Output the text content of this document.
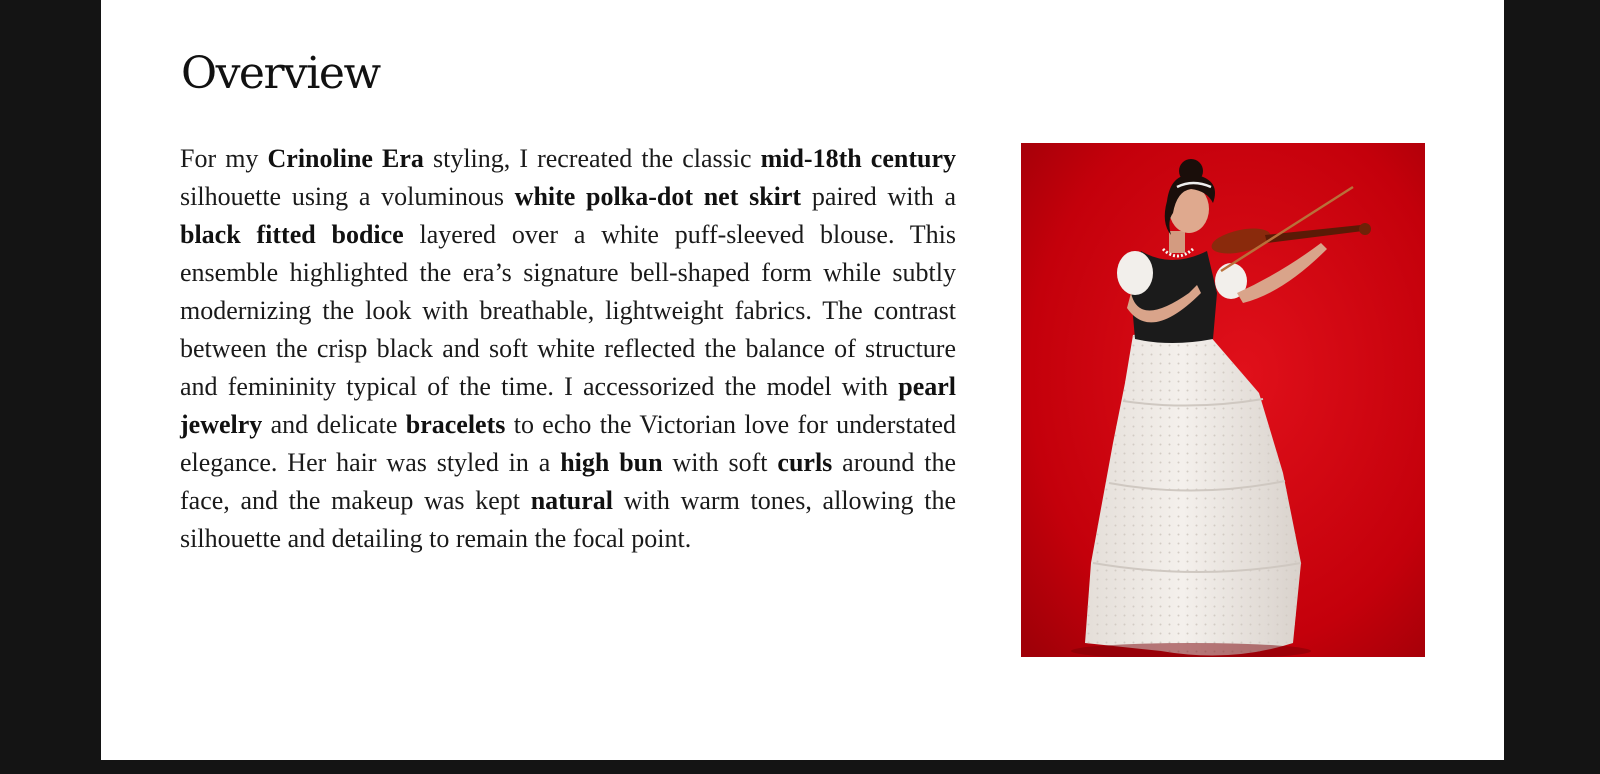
Overview

For my Crinoline Era styling, I recreated the classic mid-18th century silhouette using a voluminous white polka-dot net skirt paired with a black fitted bodice layered over a white puff-sleeved blouse. This ensemble highlighted the era’s signature bell-shaped form while subtly modernizing the look with breathable, lightweight fabrics. The contrast between the crisp black and soft white reflected the balance of structure and femininity typical of the time. I accessorized the model with pearl jewelry and delicate bracelets to echo the Victorian love for understated elegance. Her hair was styled in a high bun with soft curls around the face, and the makeup was kept natural with warm tones, allowing the silhouette and detailing to remain the focal point.
